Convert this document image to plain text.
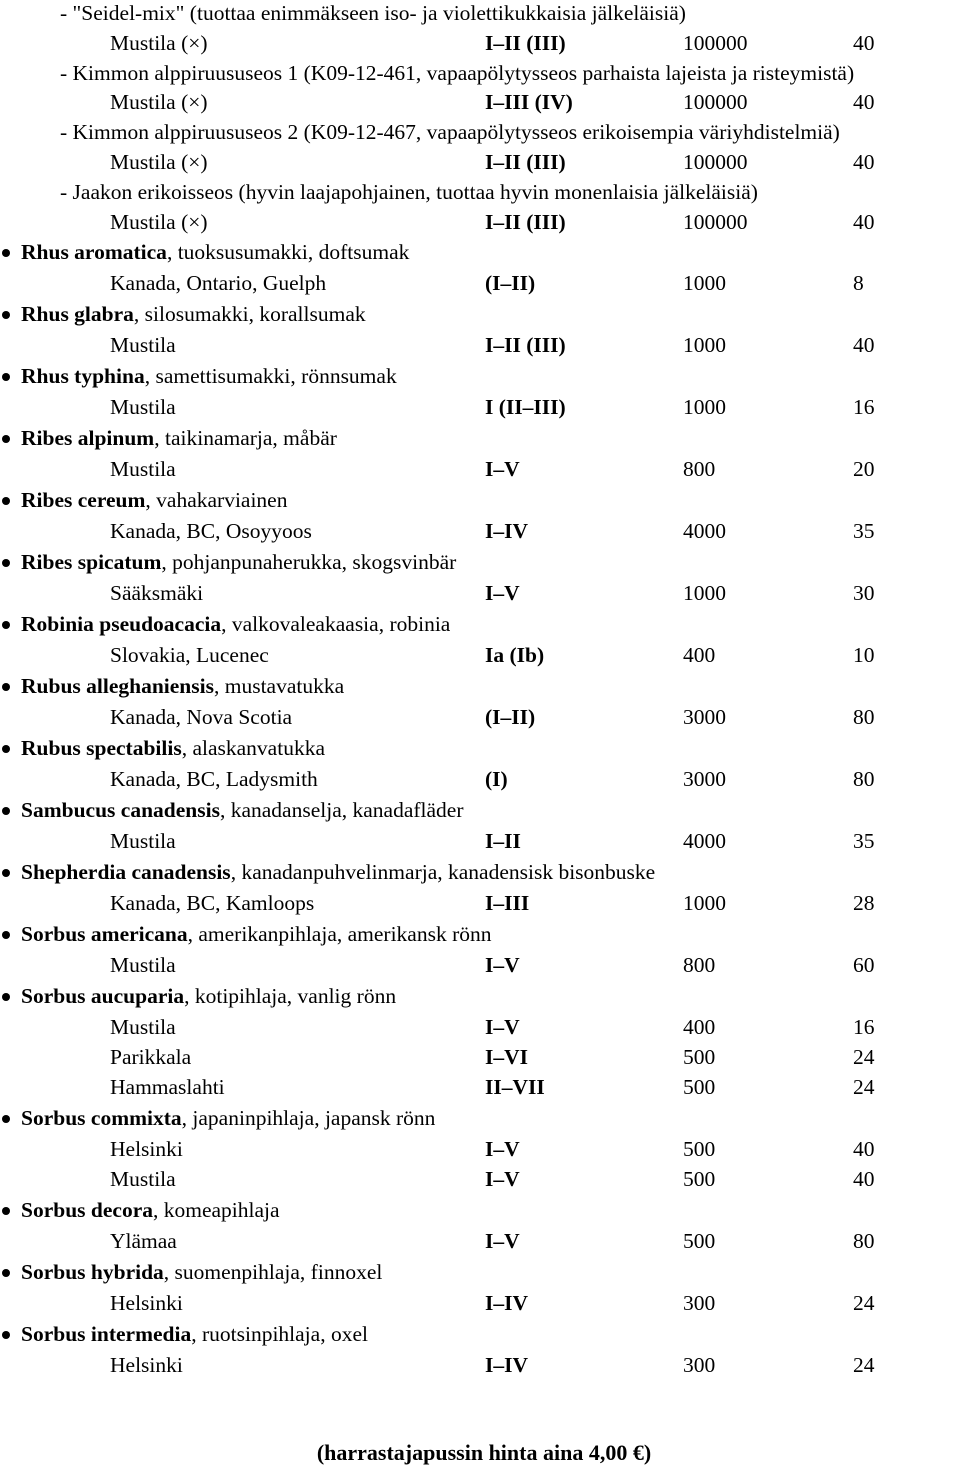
- "Seidel-mix" (tuottaa enimmäkseen iso- ja violettikukkaisia jälkeläisiä)
Mustila (×)	I–II (III)	100000	40
- Kimmon alppiruususeos 1 (K09-12-461, vapaapölytysseos parhaista lajeista ja risteymistä)
Mustila (×)	I–III (IV)	100000	40
- Kimmon alppiruususeos 2 (K09-12-467, vapaapölytysseos erikoisempia väriyhdistelmiä)
Mustila (×)	I–II (III)	100000	40
- Jaakon erikoisseos (hyvin laajapohjainen, tuottaa hyvin monenlaisia jälkeläisiä)
Mustila (×)	I–II (III)	100000	40
Rhus aromatica, tuoksusumakki, doftsumak
Kanada, Ontario, Guelph	(I–II)	1000	8
Rhus glabra, silosumakki, korallsumak
Mustila	I–II (III)	1000	40
Rhus typhina, samettisumakki, rönnsumak
Mustila	I (II–III)	1000	16
Ribes alpinum, taikinamarja, måbär
Mustila	I–V	800	20
Ribes cereum, vahakarviainen
Kanada, BC, Osoyyoos	I–IV	4000	35
Ribes spicatum, pohjanpunaherukka, skogsvinbär
Sääksmäki	I–V	1000	30
Robinia pseudoacacia, valkovaleakaasia, robinia
Slovakia, Lucenec	Ia (Ib)	400	10
Rubus alleghaniensis, mustavatukka
Kanada, Nova Scotia	(I–II)	3000	80
Rubus spectabilis, alaskanvatukka
Kanada, BC, Ladysmith	(I)	3000	80
Sambucus canadensis, kanadanselja, kanadafläder
Mustila	I–II	4000	35
Shepherdia canadensis, kanadanpuhvelinmarja, kanadensisk bisonbuske
Kanada, BC, Kamloops	I–III	1000	28
Sorbus americana, amerikanpihlaja, amerikansk rönn
Mustila	I–V	800	60
Sorbus aucuparia, kotipihlaja, vanlig rönn
Mustila	I–V	400	16
Parikkala	I–VI	500	24
Hammaslahti	II–VII	500	24
Sorbus commixta, japaninpihlaja, japansk rönn
Helsinki	I–V	500	40
Mustila	I–V	500	40
Sorbus decora, komeapihlaja
Ylämaa	I–V	500	80
Sorbus hybrida, suomenpihlaja, finnoxel
Helsinki	I–IV	300	24
Sorbus intermedia, ruotsinpihlaja, oxel
Helsinki	I–IV	300	24
(harrastajapussin hinta aina 4,00 €)
